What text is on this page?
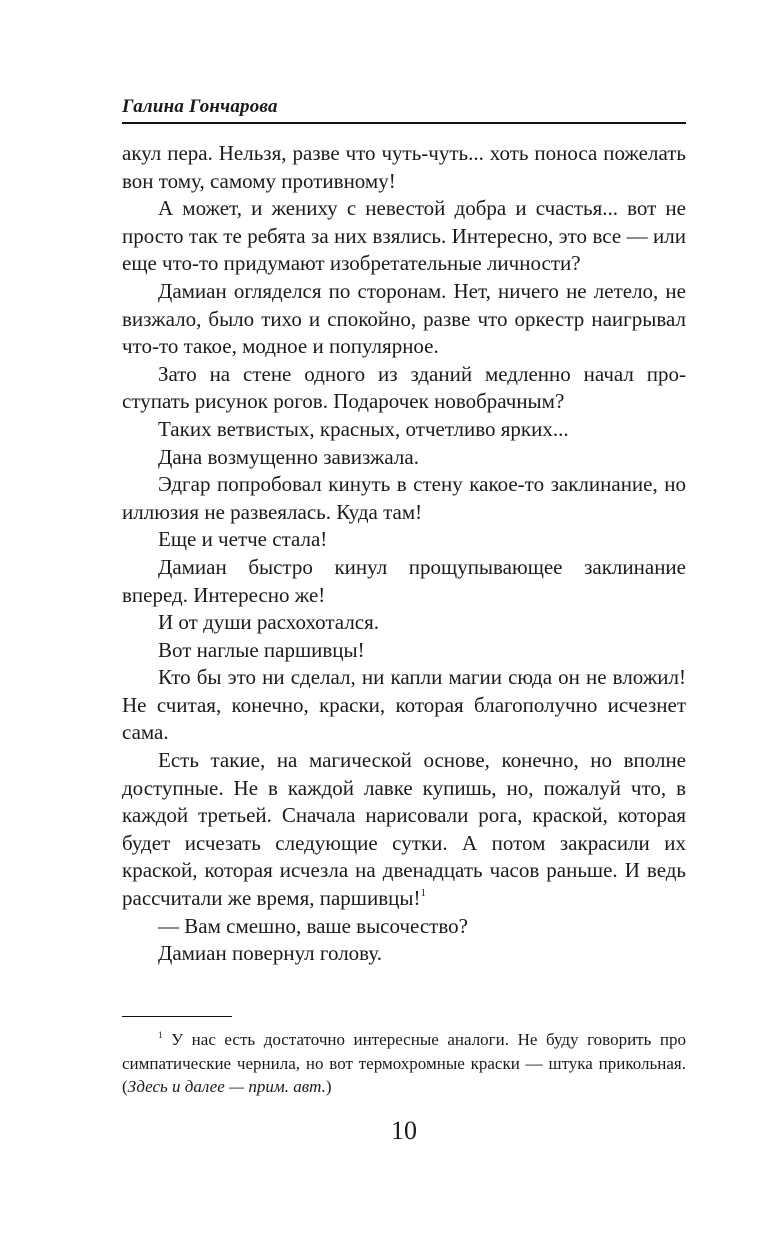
Галина Гончарова

акул пера. Нельзя, разве что чуть-чуть... хоть поноса пожелать вон тому, самому противному!

А может, и жениху с невестой добра и счастья... вот не просто так те ребята за них взялись. Интересно, это все — или еще что-то придумают изобретательные личности?

Дамиан огляделся по сторонам. Нет, ничего не летело, не визжало, было тихо и спокойно, разве что оркестр наигрывал что-то такое, модное и популярное.

Зато на стене одного из зданий медленно начал проступать рисунок рогов. Подарочек новобрачным?

Таких ветвистых, красных, отчетливо ярких...

Дана возмущенно завизжала.

Эдгар попробовал кинуть в стену какое-то заклинание, но иллюзия не развеялась. Куда там!

Еще и четче стала!

Дамиан быстро кинул прощупывающее заклинание вперед. Интересно же!

И от души расхохотался.

Вот наглые паршивцы!

Кто бы это ни сделал, ни капли магии сюда он не вложил! Не считая, конечно, краски, которая благополучно исчезнет сама.

Есть такие, на магической основе, конечно, но вполне доступные. Не в каждой лавке купишь, но, пожалуй что, в каждой третьей. Сначала нарисовали рога, краской, которая будет исчезать следующие сутки. А потом закрасили их краской, которая исчезла на двенадцать часов раньше. И ведь рассчитали же время, паршивцы!$^1$

— Вам смешно, ваше высочество?

Дамиан повернул голову.

$^1$ У нас есть достаточно интересные аналоги. Не буду говорить про симпатические чернила, но вот термохромные краски — штука прикольная. (Здесь и далее — прим. авт.)

10
